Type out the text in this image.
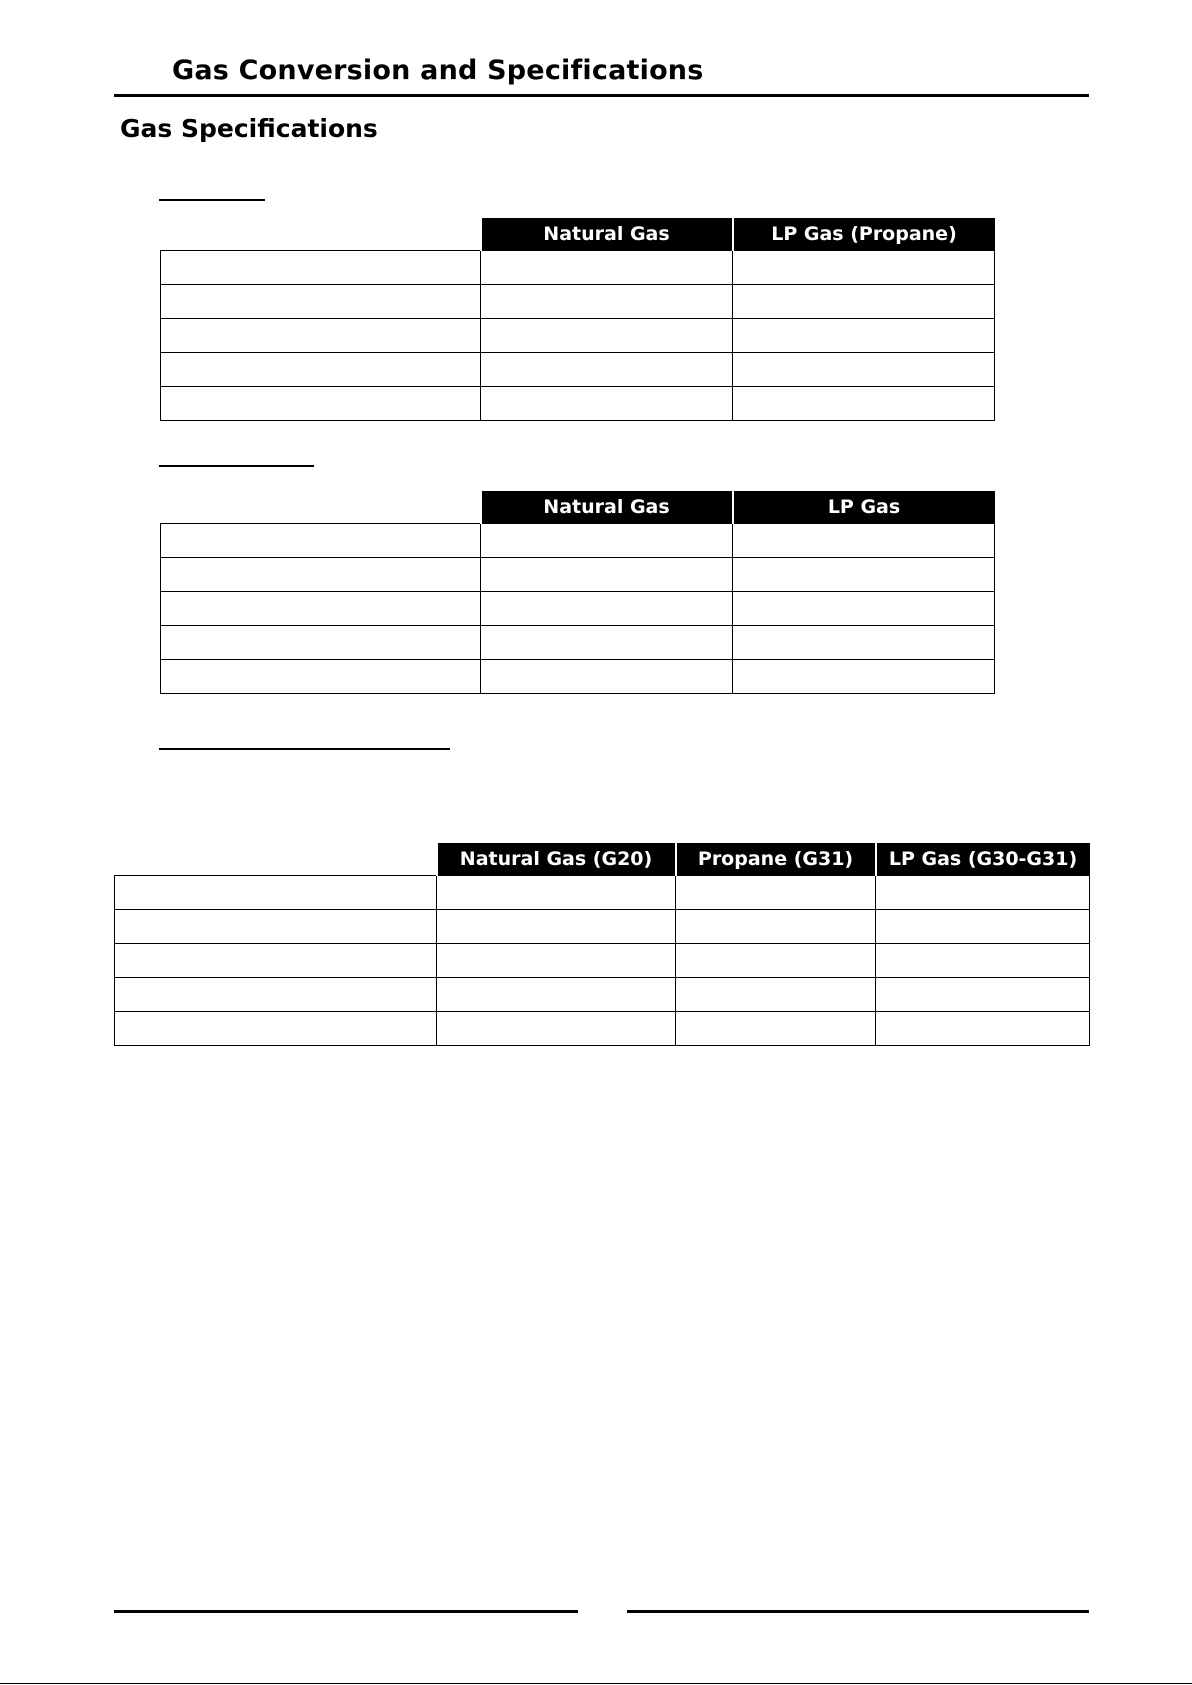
Gas Conversion and Specifications
Gas Specifications
	Natural Gas	LP Gas (Propane)

	Natural Gas	LP Gas

	Natural Gas (G20)	Propane (G31)	LP Gas (G30-G31)
